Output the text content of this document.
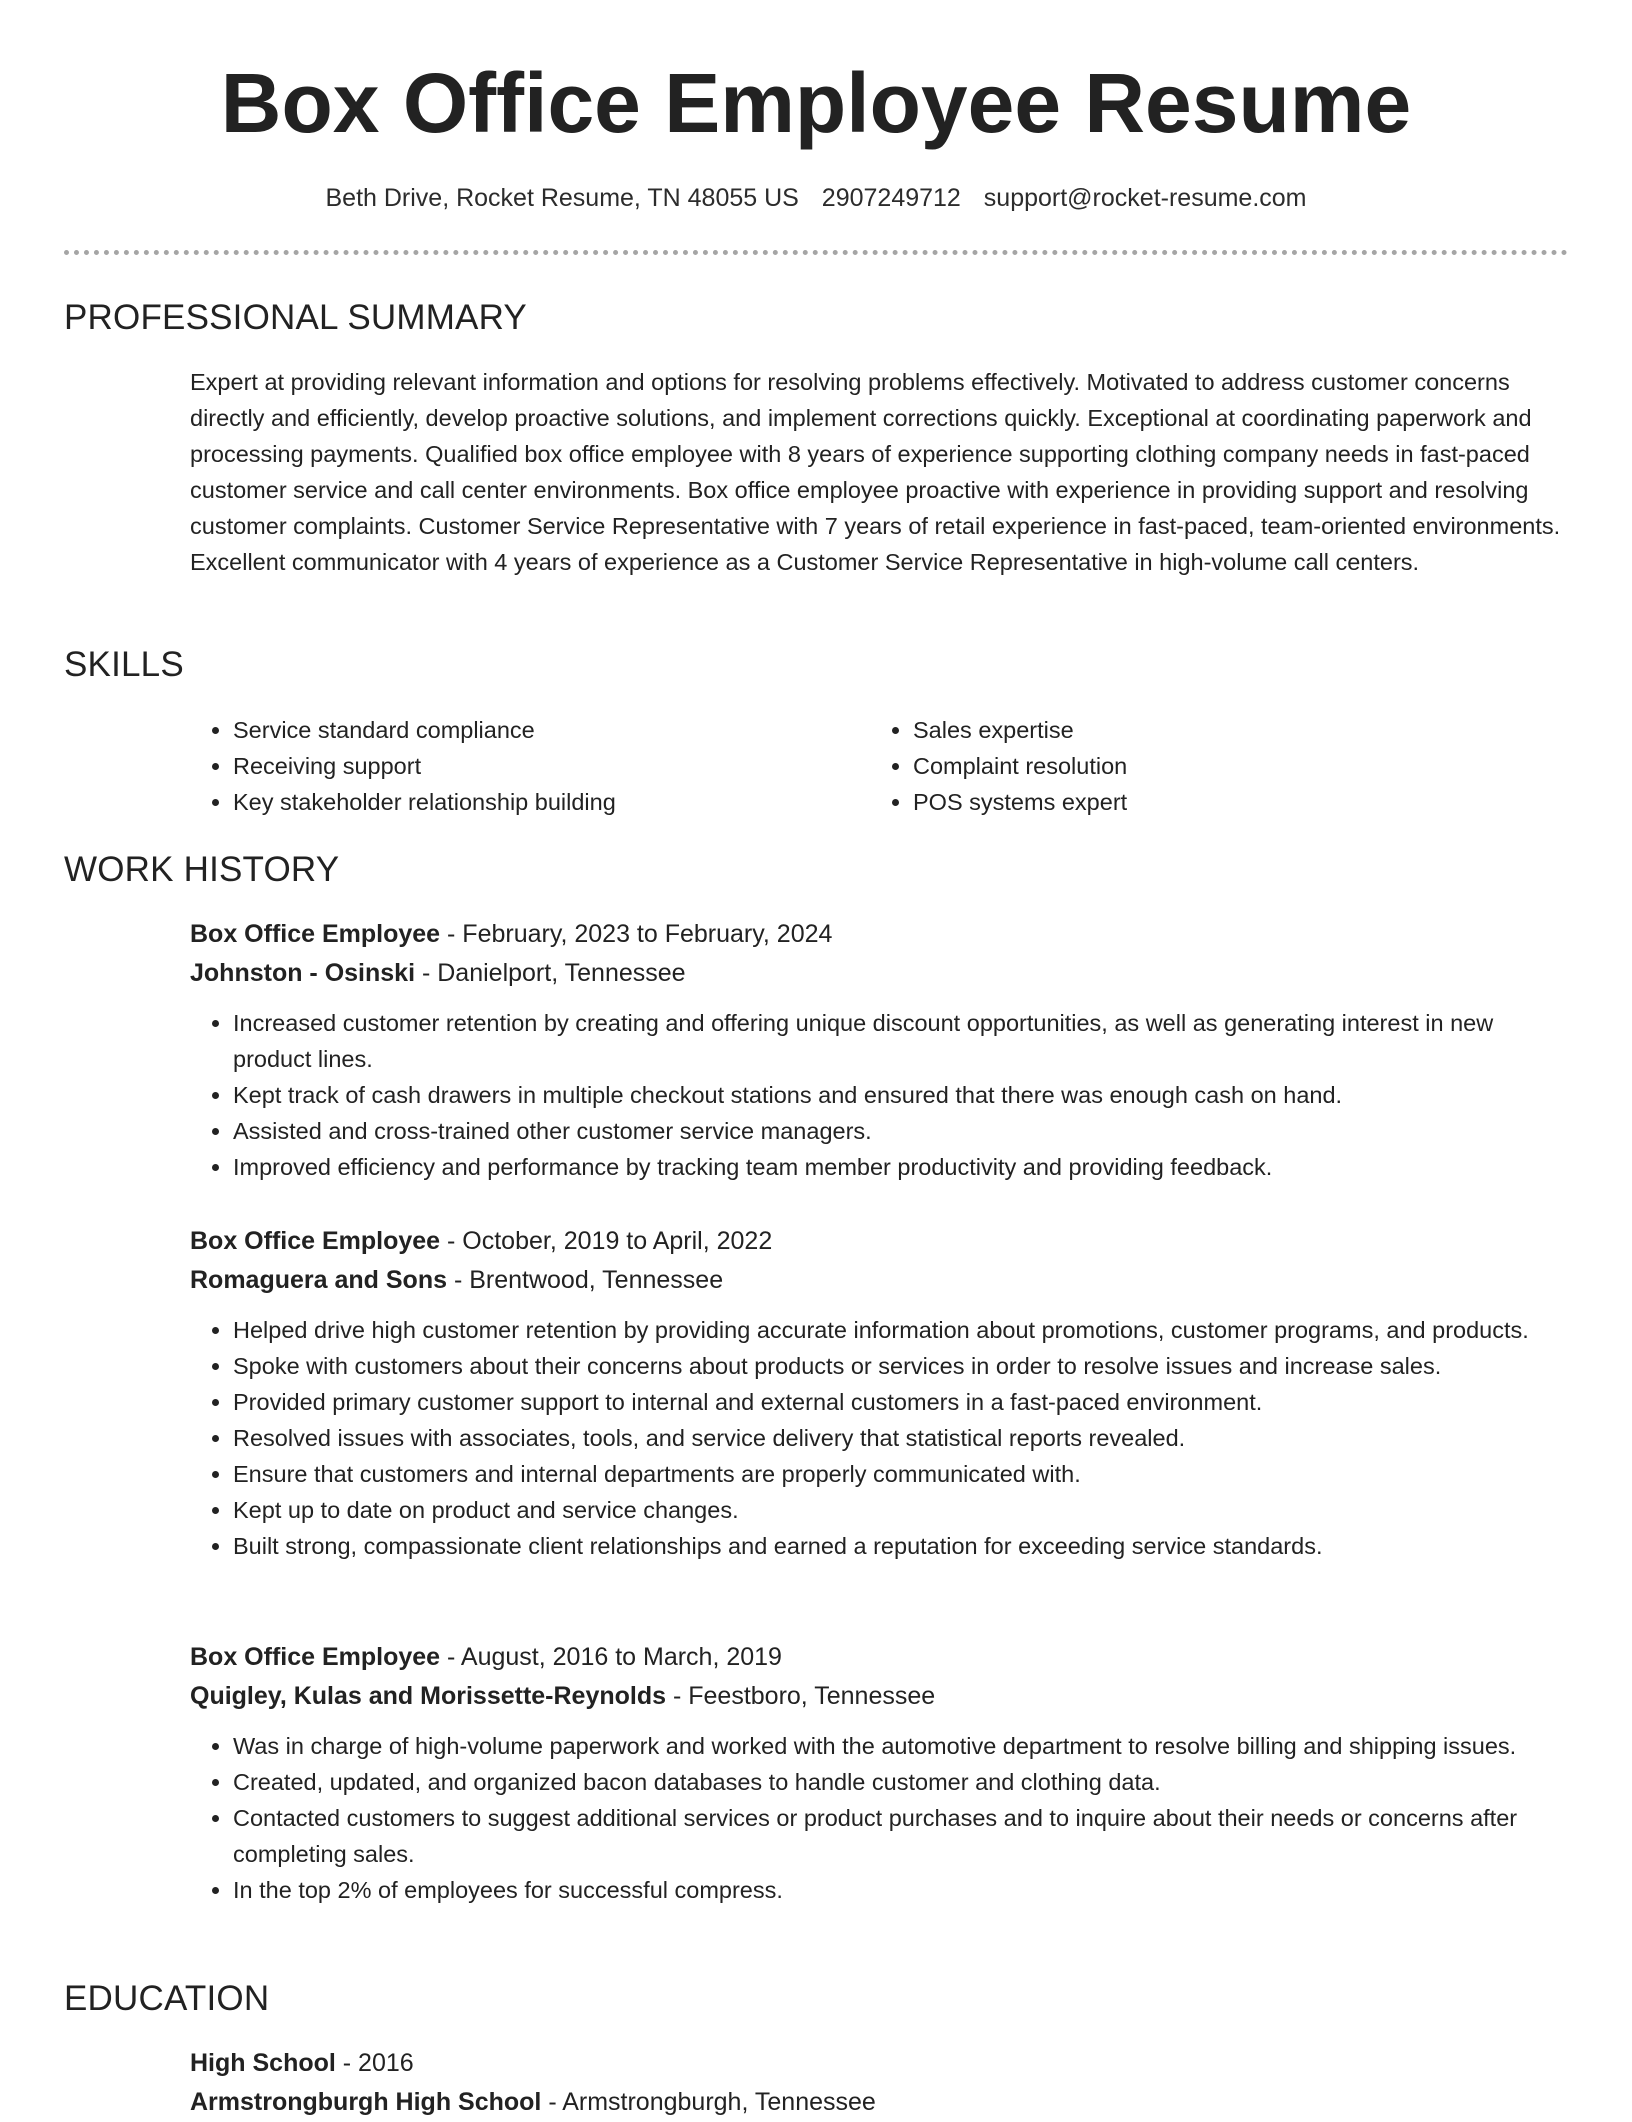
Box Office Employee Resume
Beth Drive, Rocket Resume, TN 48055 US 2907249712 support@rocket-resume.com
PROFESSIONAL SUMMARY

Expert at providing relevant information and options for resolving problems effectively. Motivated to address customer concerns directly and efficiently, develop proactive solutions, and implement corrections quickly. Exceptional at coordinating paperwork and processing payments. Qualified box office employee with 8 years of experience supporting clothing company needs in fast-paced customer service and call center environments. Box office employee proactive with experience in providing support and resolving customer complaints. Customer Service Representative with 7 years of retail experience in fast-paced, team-oriented environments. Excellent communicator with 4 years of experience as a Customer Service Representative in high-volume call centers.

SKILLS
• Service standard compliance
• Receiving support
• Key stakeholder relationship building
• Sales expertise
• Complaint resolution
• POS systems expert
WORK HISTORY
Box Office Employee - February, 2023 to February, 2024
Johnston - Osinski - Danielport, Tennessee
• Increased customer retention by creating and offering unique discount opportunities, as well as generating interest in new product lines.
• Kept track of cash drawers in multiple checkout stations and ensured that there was enough cash on hand.
• Assisted and cross-trained other customer service managers.
• Improved efficiency and performance by tracking team member productivity and providing feedback.
Box Office Employee - October, 2019 to April, 2022
Romaguera and Sons - Brentwood, Tennessee
• Helped drive high customer retention by providing accurate information about promotions, customer programs, and products.
• Spoke with customers about their concerns about products or services in order to resolve issues and increase sales.
• Provided primary customer support to internal and external customers in a fast-paced environment.
• Resolved issues with associates, tools, and service delivery that statistical reports revealed.
• Ensure that customers and internal departments are properly communicated with.
• Kept up to date on product and service changes.
• Built strong, compassionate client relationships and earned a reputation for exceeding service standards.
Box Office Employee - August, 2016 to March, 2019
Quigley, Kulas and Morissette-Reynolds - Feestboro, Tennessee
• Was in charge of high-volume paperwork and worked with the automotive department to resolve billing and shipping issues.
• Created, updated, and organized bacon databases to handle customer and clothing data.
• Contacted customers to suggest additional services or product purchases and to inquire about their needs or concerns after completing sales.
• In the top 2% of employees for successful compress.
EDUCATION
High School - 2016
Armstrongburgh High School - Armstrongburgh, Tennessee
